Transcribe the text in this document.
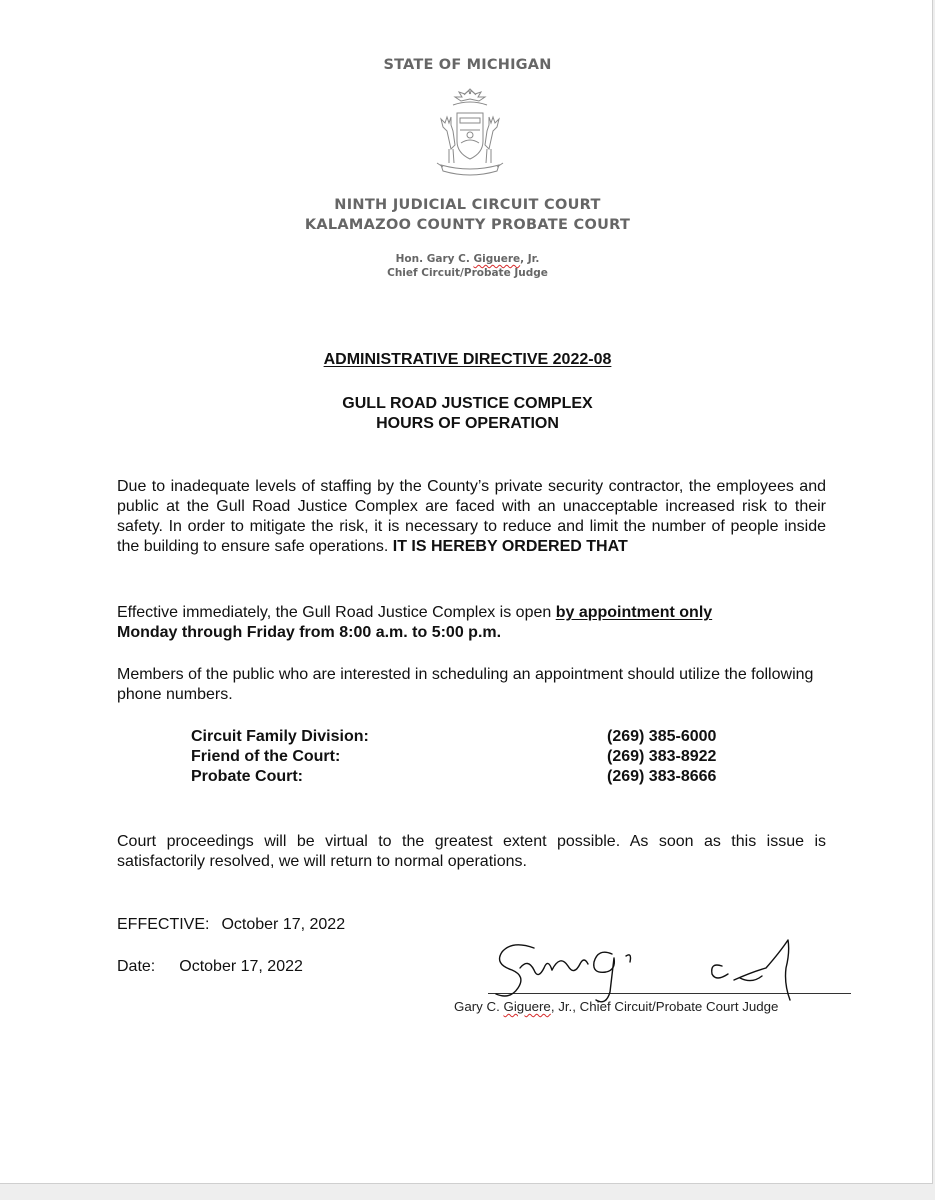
STATE OF MICHIGAN
NINTH JUDICIAL CIRCUIT COURT
KALAMAZOO COUNTY PROBATE COURT
Hon. Gary C. Giguere, Jr.
Chief Circuit/Probate Judge
ADMINISTRATIVE DIRECTIVE 2022-08
GULL ROAD JUSTICE COMPLEX
HOURS OF OPERATION
Due to inadequate levels of staffing by the County’s private security contractor, the employees and public at the Gull Road Justice Complex are faced with an unacceptable increased risk to their safety. In order to mitigate the risk, it is necessary to reduce and limit the number of people inside the building to ensure safe operations. IT IS HEREBY ORDERED THAT
Effective immediately, the Gull Road Justice Complex is open by appointment only
Monday through Friday from 8:00 a.m. to 5:00 p.m.
Members of the public who are interested in scheduling an appointment should utilize the following phone numbers.
Circuit Family Division:	(269) 385-6000
Friend of the Court:	(269) 383-8922
Probate Court:	(269) 383-8666
Court proceedings will be virtual to the greatest extent possible. As soon as this issue is satisfactorily resolved, we will return to normal operations.
EFFECTIVE: October 17, 2022
Date: October 17, 2022
Gary C. Giguere, Jr., Chief Circuit/Probate Court Judge
